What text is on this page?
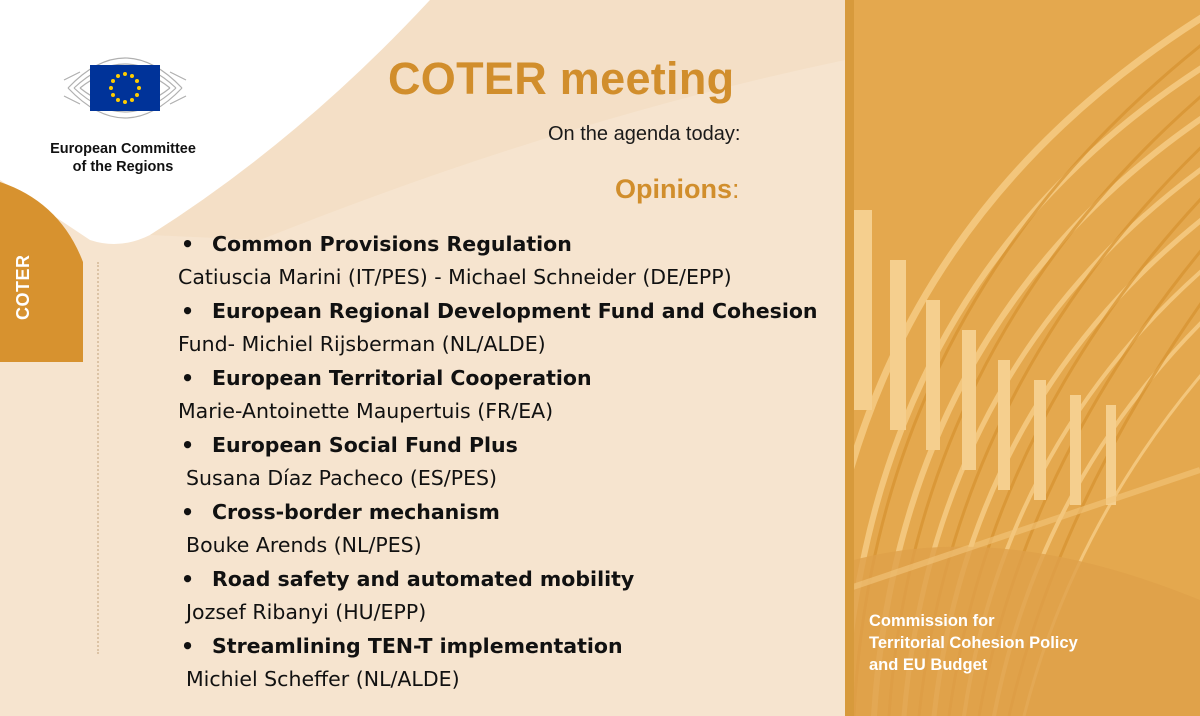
COTER
European Committee
of the Regions
COTER meeting
On the agenda today:
Opinions:
• Common Provisions Regulation
Catiuscia Marini (IT/PES) - Michael Schneider (DE/EPP)
• European Regional Development Fund and Cohesion
Fund- Michiel Rijsberman (NL/ALDE)
• European Territorial Cooperation
Marie-Antoinette Maupertuis (FR/EA)
• European Social Fund Plus
Susana Díaz Pacheco (ES/PES)
• Cross-border mechanism
Bouke Arends (NL/PES)
• Road safety and automated mobility
Jozsef Ribanyi (HU/EPP)
• Streamlining TEN-T implementation
Michiel Scheffer (NL/ALDE)
Commission for
Territorial Cohesion Policy
and EU Budget
